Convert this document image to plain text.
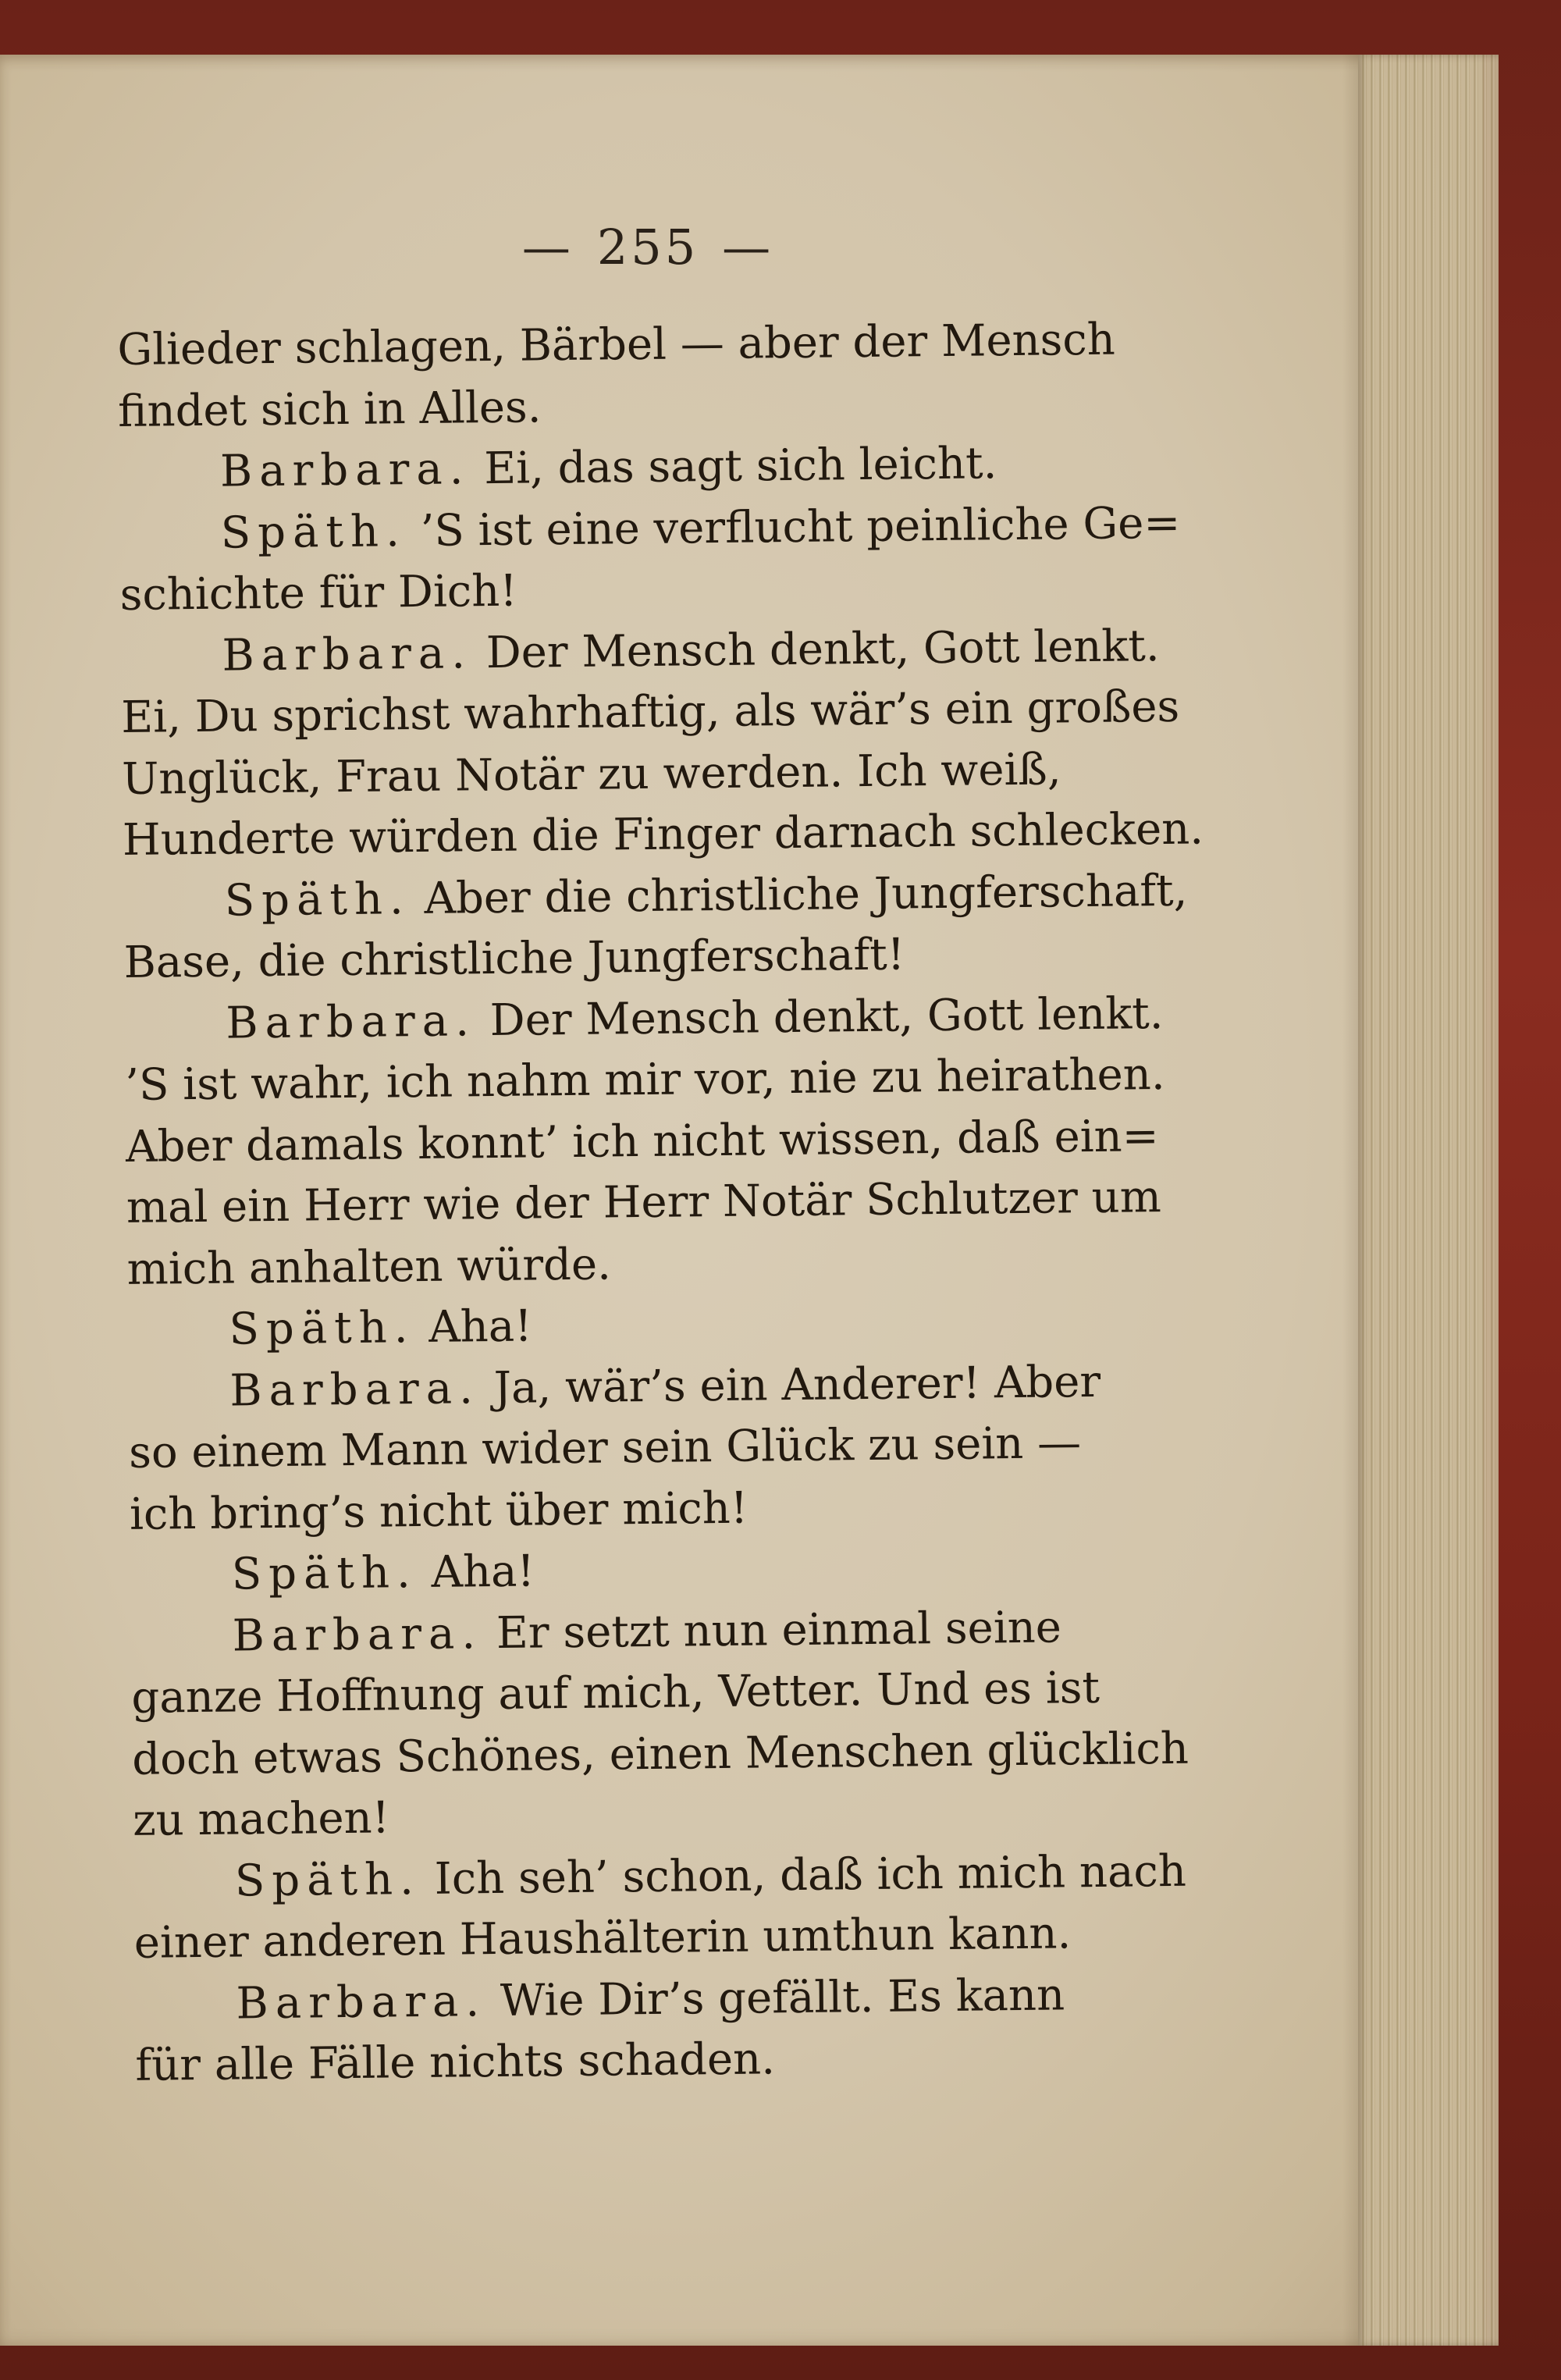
— 255 —
Glieder schlagen, Bärbel — aber der Mensch
findet sich in Alles.
Barbara. Ei, das sagt sich leicht.
Späth. ’S ist eine verflucht peinliche Ge=
schichte für Dich!
Barbara. Der Mensch denkt, Gott lenkt.
Ei, Du sprichst wahrhaftig, als wär’s ein großes
Unglück, Frau Notär zu werden. Ich weiß,
Hunderte würden die Finger darnach schlecken.
Späth. Aber die christliche Jungferschaft,
Base, die christliche Jungferschaft!
Barbara. Der Mensch denkt, Gott lenkt.
’S ist wahr, ich nahm mir vor, nie zu heirathen.
Aber damals konnt’ ich nicht wissen, daß ein=
mal ein Herr wie der Herr Notär Schlutzer um
mich anhalten würde.
Späth. Aha!
Barbara. Ja, wär’s ein Anderer! Aber
so einem Mann wider sein Glück zu sein —
ich bring’s nicht über mich!
Späth. Aha!
Barbara. Er setzt nun einmal seine
ganze Hoffnung auf mich, Vetter. Und es ist
doch etwas Schönes, einen Menschen glücklich
zu machen!
Späth. Ich seh’ schon, daß ich mich nach
einer anderen Haushälterin umthun kann.
Barbara. Wie Dir’s gefällt. Es kann
für alle Fälle nichts schaden.
